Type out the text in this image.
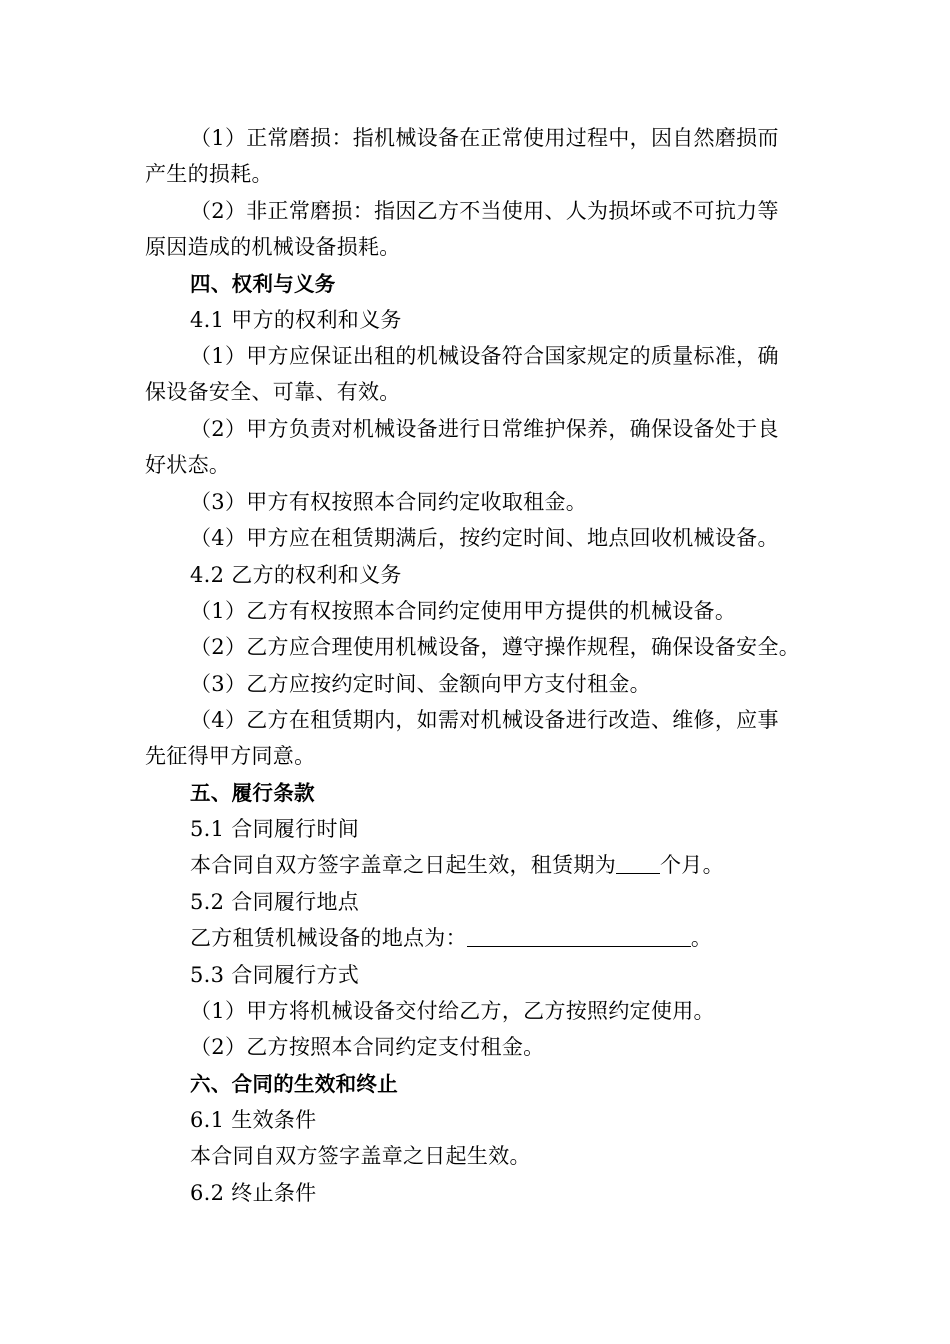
（1）正常磨损：指机械设备在正常使用过程中，因自然磨损而
产生的损耗。
（2）非正常磨损：指因乙方不当使用、人为损坏或不可抗力等
原因造成的机械设备损耗。
四、权利与义务
4.1 甲方的权利和义务
（1）甲方应保证出租的机械设备符合国家规定的质量标准，确
保设备安全、可靠、有效。
（2）甲方负责对机械设备进行日常维护保养，确保设备处于良
好状态。
（3）甲方有权按照本合同约定收取租金。
（4）甲方应在租赁期满后，按约定时间、地点回收机械设备。
4.2 乙方的权利和义务
（1）乙方有权按照本合同约定使用甲方提供的机械设备。
（2）乙方应合理使用机械设备，遵守操作规程，确保设备安全。
（3）乙方应按约定时间、金额向甲方支付租金。
（4）乙方在租赁期内，如需对机械设备进行改造、维修，应事
先征得甲方同意。
五、履行条款
5.1 合同履行时间
本合同自双方签字盖章之日起生效，租赁期为 个月。
5.2 合同履行地点
乙方租赁机械设备的地点为：	。
5.3 合同履行方式
（1）甲方将机械设备交付给乙方，乙方按照约定使用。
（2）乙方按照本合同约定支付租金。
六、合同的生效和终止
6.1 生效条件
本合同自双方签字盖章之日起生效。
6.2 终止条件
